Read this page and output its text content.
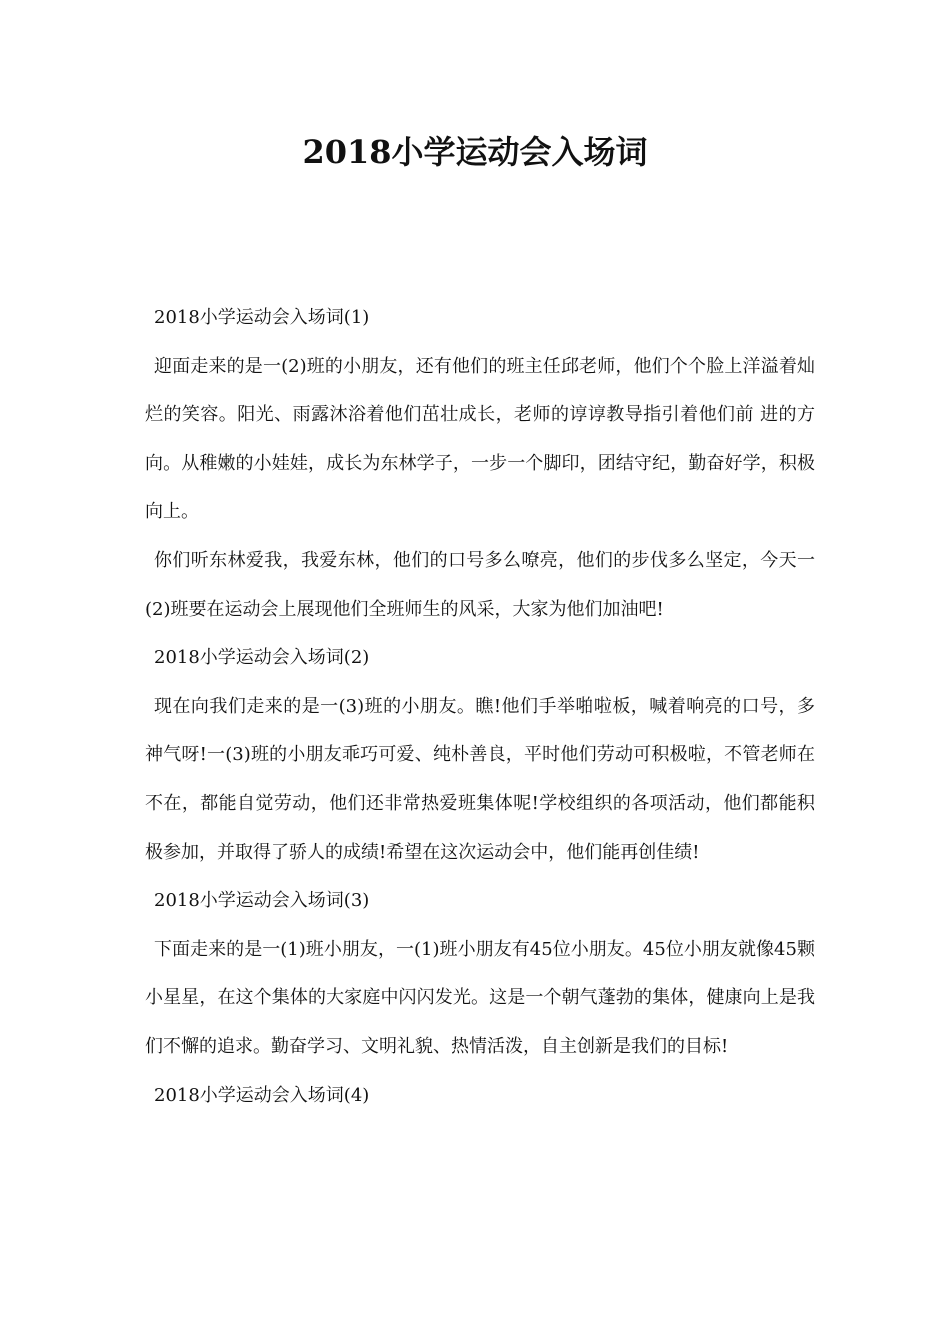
2018小学运动会入场词

2018小学运动会入场词(1)

迎面走来的是一(2)班的小朋友，还有他们的班主任邱老师，他们个个脸上洋溢着灿烂的笑容。阳光、雨露沐浴着他们茁壮成长，老师的谆谆教导指引着他们前 进的方向。从稚嫩的小娃娃，成长为东林学子，一步一个脚印，团结守纪，勤奋好学，积极向上。

你们听东林爱我，我爱东林，他们的口号多么嘹亮，他们的步伐多么坚定，今天一(2)班要在运动会上展现他们全班师生的风采，大家为他们加油吧!

2018小学运动会入场词(2)

现在向我们走来的是一(3)班的小朋友。瞧!他们手举啪啦板，喊着响亮的口号，多神气呀!一(3)班的小朋友乖巧可爱、纯朴善良，平时他们劳动可积极啦，不管老师在不在，都能自觉劳动，他们还非常热爱班集体呢!学校组织的各项活动，他们都能积极参加，并取得了骄人的成绩!希望在这次运动会中，他们能再创佳绩!

2018小学运动会入场词(3)

下面走来的是一(1)班小朋友，一(1)班小朋友有45位小朋友。45位小朋友就像45颗小星星，在这个集体的大家庭中闪闪发光。这是一个朝气蓬勃的集体，健康向上是我们不懈的追求。勤奋学习、文明礼貌、热情活泼，自主创新是我们的目标!

2018小学运动会入场词(4)
